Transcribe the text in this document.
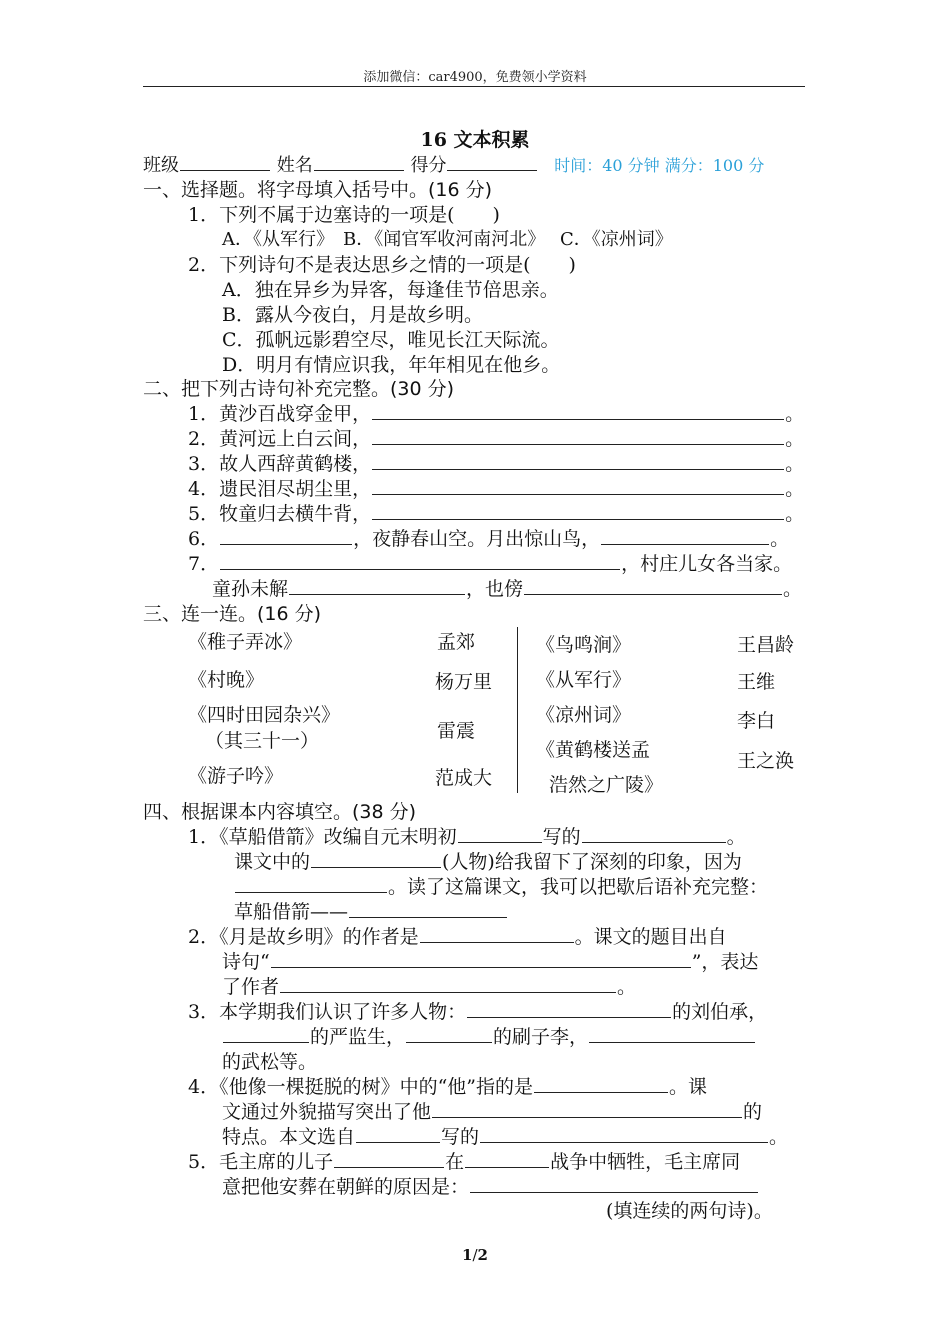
添加微信：car4900，免费领小学资料
16 文本积累
班级	姓名	得分	时间：40 分钟 满分：100 分
一、选择题。将字母填入括号中。(16 分)
1．下列不属于边塞诗的一项是(　　)
A．《从军行》　B．《闻官军收河南河北》　 C．《凉州词》
2．下列诗句不是表达思乡之情的一项是(　　)
A．独在异乡为异客，每逢佳节倍思亲。
B．露从今夜白，月是故乡明。
C．孤帆远影碧空尽，唯见长江天际流。
D．明月有情应识我，年年相见在他乡。
二、把下列古诗句补充完整。(30 分)
1．黄沙百战穿金甲，	。
2．黄河远上白云间，	。
3．故人西辞黄鹤楼，	。
4．遗民泪尽胡尘里，	。
5．牧童归去横牛背，	。
6．	，夜静春山空。月出惊山鸟，	。
7．	，村庄儿女各当家。
童孙未解	，也傍	。
三、连一连。(16 分)
《稚子弄冰》
《村晚》
《四时田园杂兴》
（其三十一）
《游子吟》
孟郊
杨万里
雷震
范成大
《鸟鸣涧》
《从军行》
《凉州词》
《黄鹤楼送孟
浩然之广陵》
王昌龄
王维
李白
王之涣
四、根据课本内容填空。(38 分)
1．《草船借箭》改编自元末明初	写的	。
课文中的	(人物)给我留下了深刻的印象，因为
。读了这篇课文，我可以把歇后语补充完整：
草船借箭——
2．《月是故乡明》的作者是	。课文的题目出自
诗句“	”，表达
了作者	。
3．本学期我们认识了许多人物：	的刘伯承，
的严监生，	的刷子李，
的武松等。
4．《他像一棵挺脱的树》中的“他”指的是	。课
文通过外貌描写突出了他	的
特点。本文选自	写的	。
5．毛主席的儿子	在	战争中牺牲，毛主席同
意把他安葬在朝鲜的原因是：
(填连续的两句诗)。
1/2
